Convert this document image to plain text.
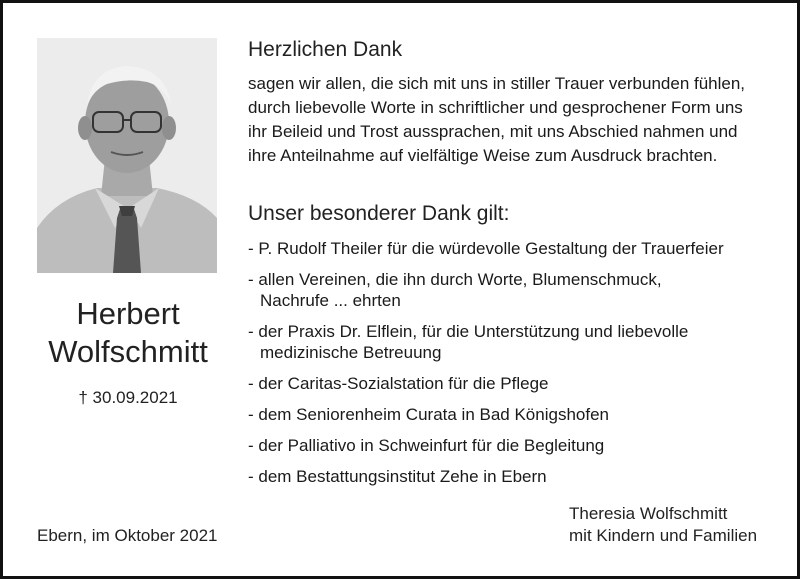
Herbert
Wolfschmitt
† 30.09.2021
Ebern, im Oktober 2021
Herzlichen Dank
sagen wir allen, die sich mit uns in stiller Trauer verbunden fühlen,
durch liebevolle Worte in schriftlicher und gesprochener Form uns
ihr Beileid und Trost aussprachen, mit uns Abschied nahmen und
ihre Anteilnahme auf vielfältige Weise zum Ausdruck brachten.
Unser besonderer Dank gilt:
- P. Rudolf Theiler für die würdevolle Gestaltung der Trauerfeier
- allen Vereinen, die ihn durch Worte, Blumenschmuck,
Nachrufe ... ehrten
- der Praxis Dr. Elflein, für die Unterstützung und liebevolle
medizinische Betreuung
- der Caritas-Sozialstation für die Pflege
- dem Seniorenheim Curata in Bad Königshofen
- der Palliativo in Schweinfurt für die Begleitung
- dem Bestattungsinstitut Zehe in Ebern
Theresia Wolfschmitt
mit Kindern und Familien
